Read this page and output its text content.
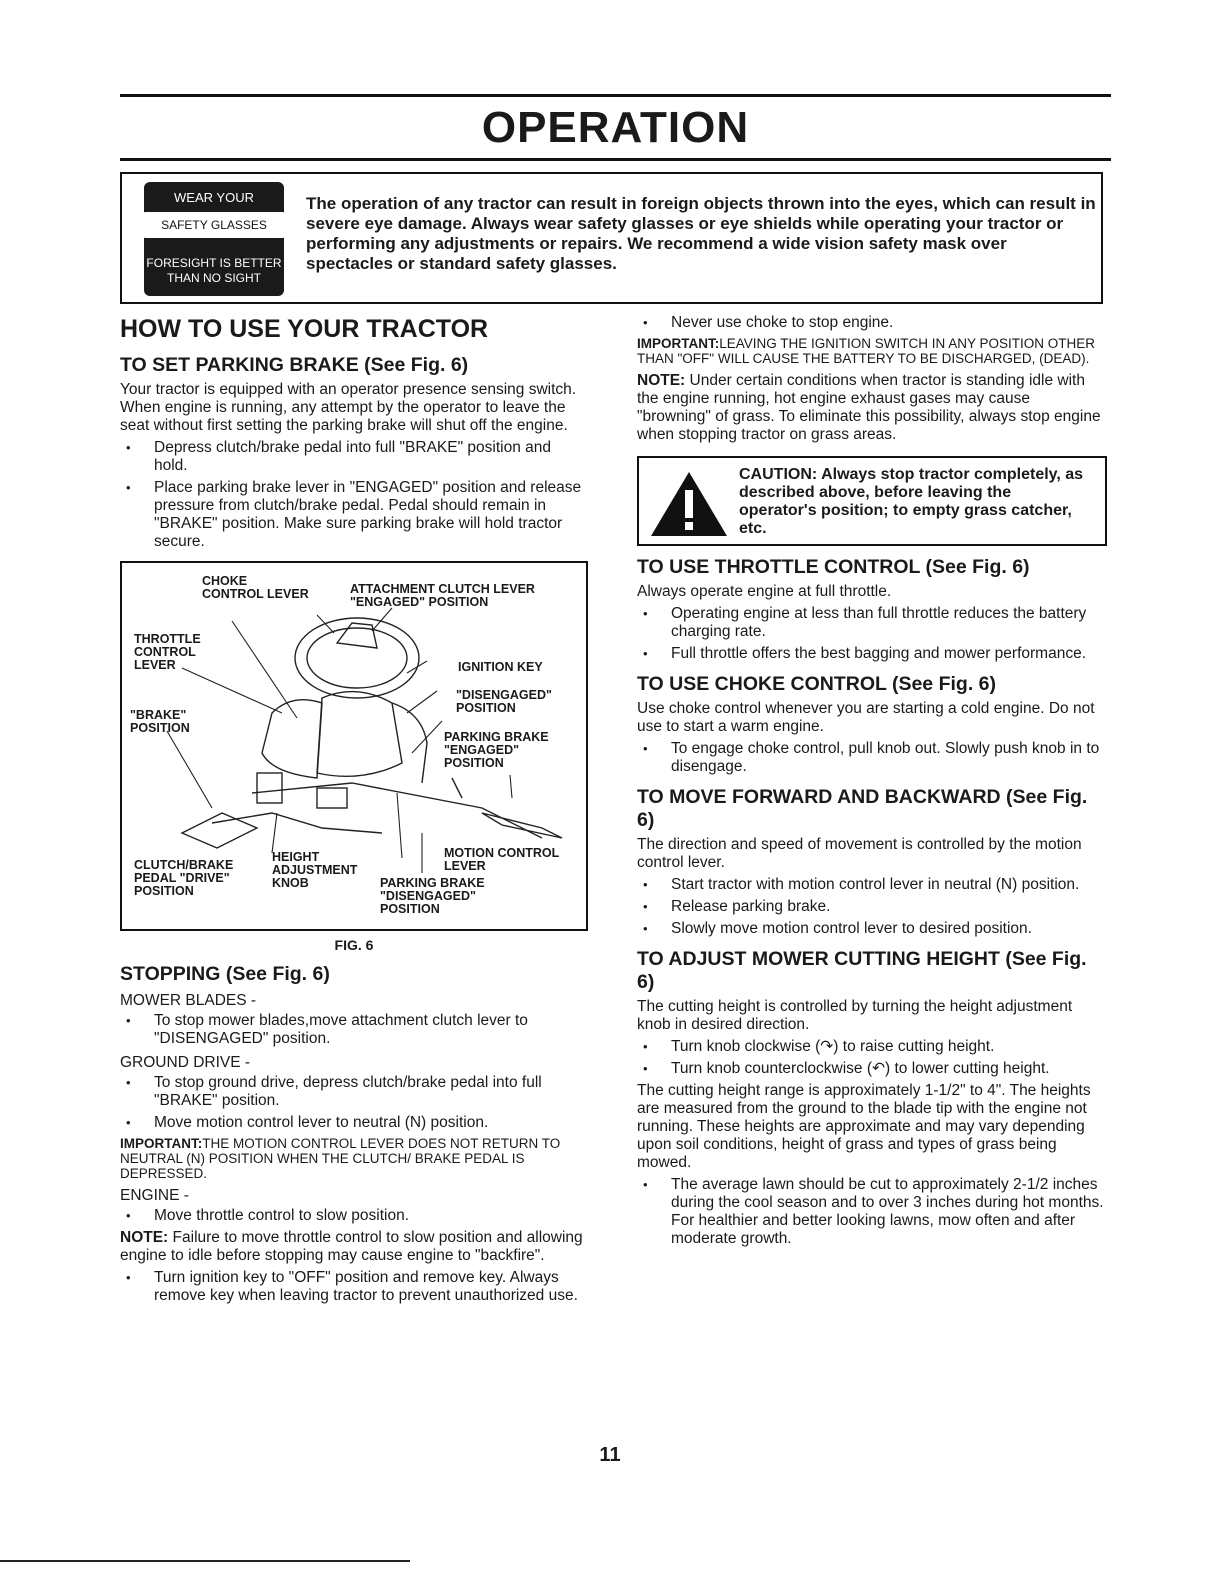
OPERATION
WEAR YOUR
SAFETY GLASSES
FORESIGHT IS BETTER THAN NO SIGHT
The operation of any tractor can result in foreign objects thrown into the eyes, which can result in severe eye damage. Always wear safety glasses or eye shields while operating your tractor or performing any adjustments or repairs. We recommend a wide vision safety mask over spectacles or standard safety glasses.
HOW TO USE YOUR TRACTOR
TO SET PARKING BRAKE (See Fig. 6)

Your tractor is equipped with an operator presence sensing switch. When engine is running, any attempt by the operator to leave the seat without first setting the parking brake will shut off the engine.

• Depress clutch/brake pedal into full "BRAKE" position and hold.
• Place parking brake lever in "ENGAGED" position and release pressure from clutch/brake pedal. Pedal should remain in "BRAKE" position. Make sure parking brake will hold tractor secure.
CHOKE CONTROL LEVER	ATTACHMENT CLUTCH LEVER "ENGAGED" POSITION
THROTTLE CONTROL LEVER	IGNITION KEY
"DISENGAGED" POSITION
"BRAKE" POSITION
PARKING BRAKE "ENGAGED" POSITION
MOTION CONTROL LEVER
CLUTCH/BRAKE PEDAL "DRIVE" POSITION
HEIGHT ADJUSTMENT KNOB	PARKING BRAKE "DISENGAGED" POSITION
FIG. 6
STOPPING (See Fig. 6)

MOWER BLADES -

• To stop mower blades,move attachment clutch lever to "DISENGAGED" position.

GROUND DRIVE -

• To stop ground drive, depress clutch/brake pedal into full "BRAKE" position.
• Move motion control lever to neutral (N) position.

IMPORTANT:THE MOTION CONTROL LEVER DOES NOT RETURN TO NEUTRAL (N) POSITION WHEN THE CLUTCH/ BRAKE PEDAL IS DEPRESSED.

ENGINE -

• Move throttle control to slow position.

NOTE: Failure to move throttle control to slow position and allowing engine to idle before stopping may cause engine to "backfire".

• Turn ignition key to "OFF" position and remove key. Always remove key when leaving tractor to prevent unauthorized use.
• Never use choke to stop engine.

IMPORTANT:LEAVING THE IGNITION SWITCH IN ANY POSITION OTHER THAN "OFF" WILL CAUSE THE BATTERY TO BE DISCHARGED, (DEAD).

NOTE: Under certain conditions when tractor is standing idle with the engine running, hot engine exhaust gases may cause "browning" of grass. To eliminate this possibility, always stop engine when stopping tractor on grass areas.

CAUTION: Always stop tractor completely, as described above, before leaving the operator's position; to empty grass catcher, etc.
TO USE THROTTLE CONTROL (See Fig. 6)

Always operate engine at full throttle.

• Operating engine at less than full throttle reduces the battery charging rate.
• Full throttle offers the best bagging and mower performance.
TO USE CHOKE CONTROL (See Fig. 6)

Use choke control whenever you are starting a cold engine. Do not use to start a warm engine.

• To engage choke control, pull knob out. Slowly push knob in to disengage.
TO MOVE FORWARD AND BACKWARD (See Fig. 6)

The direction and speed of movement is controlled by the motion control lever.

• Start tractor with motion control lever in neutral (N) position.
• Release parking brake.
• Slowly move motion control lever to desired position.
TO ADJUST MOWER CUTTING HEIGHT (See Fig. 6)

The cutting height is controlled by turning the height adjustment knob in desired direction.

• Turn knob clockwise (↷) to raise cutting height.
• Turn knob counterclockwise (↶) to lower cutting height.

The cutting height range is approximately 1-1/2" to 4". The heights are measured from the ground to the blade tip with the engine not running. These heights are approximate and may vary depending upon soil conditions, height of grass and types of grass being mowed.

• The average lawn should be cut to approximately 2-1/2 inches during the cool season and to over 3 inches during hot months. For healthier and better looking lawns, mow often and after moderate growth.
11
